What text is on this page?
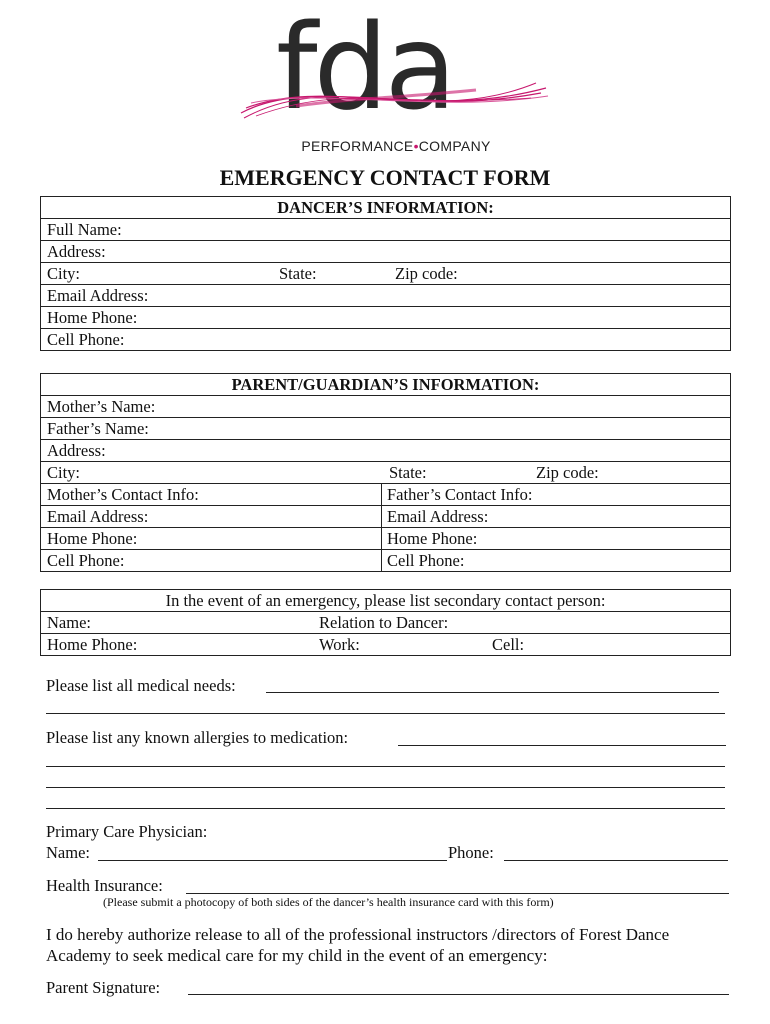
fda
PERFORMANCE•COMPANY
EMERGENCY CONTACT FORM
DANCER’S INFORMATION:
Full Name:
Address:
City:	State:	Zip code:
Email Address:
Home Phone:
Cell Phone:
PARENT/GUARDIAN’S INFORMATION:
Mother’s Name:
Father’s Name:
Address:
City:	State:	Zip code:
Mother’s Contact Info:	Father’s Contact Info:
Email Address:	Email Address:
Home Phone:	Home Phone:
Cell Phone:	Cell Phone:
In the event of an emergency, please list secondary contact person:
Name:	Relation to Dancer:
Home Phone:	Work:	Cell:
Please list all medical needs:
Please list any known allergies to medication:
Primary Care Physician:
Name:	Phone:
Health Insurance:
(Please submit a photocopy of both sides of the dancer’s health insurance card with this form)
I do hereby authorize release to all of the professional instructors /directors of Forest Dance Academy to seek medical care for my child in the event of an emergency:
Parent Signature:
